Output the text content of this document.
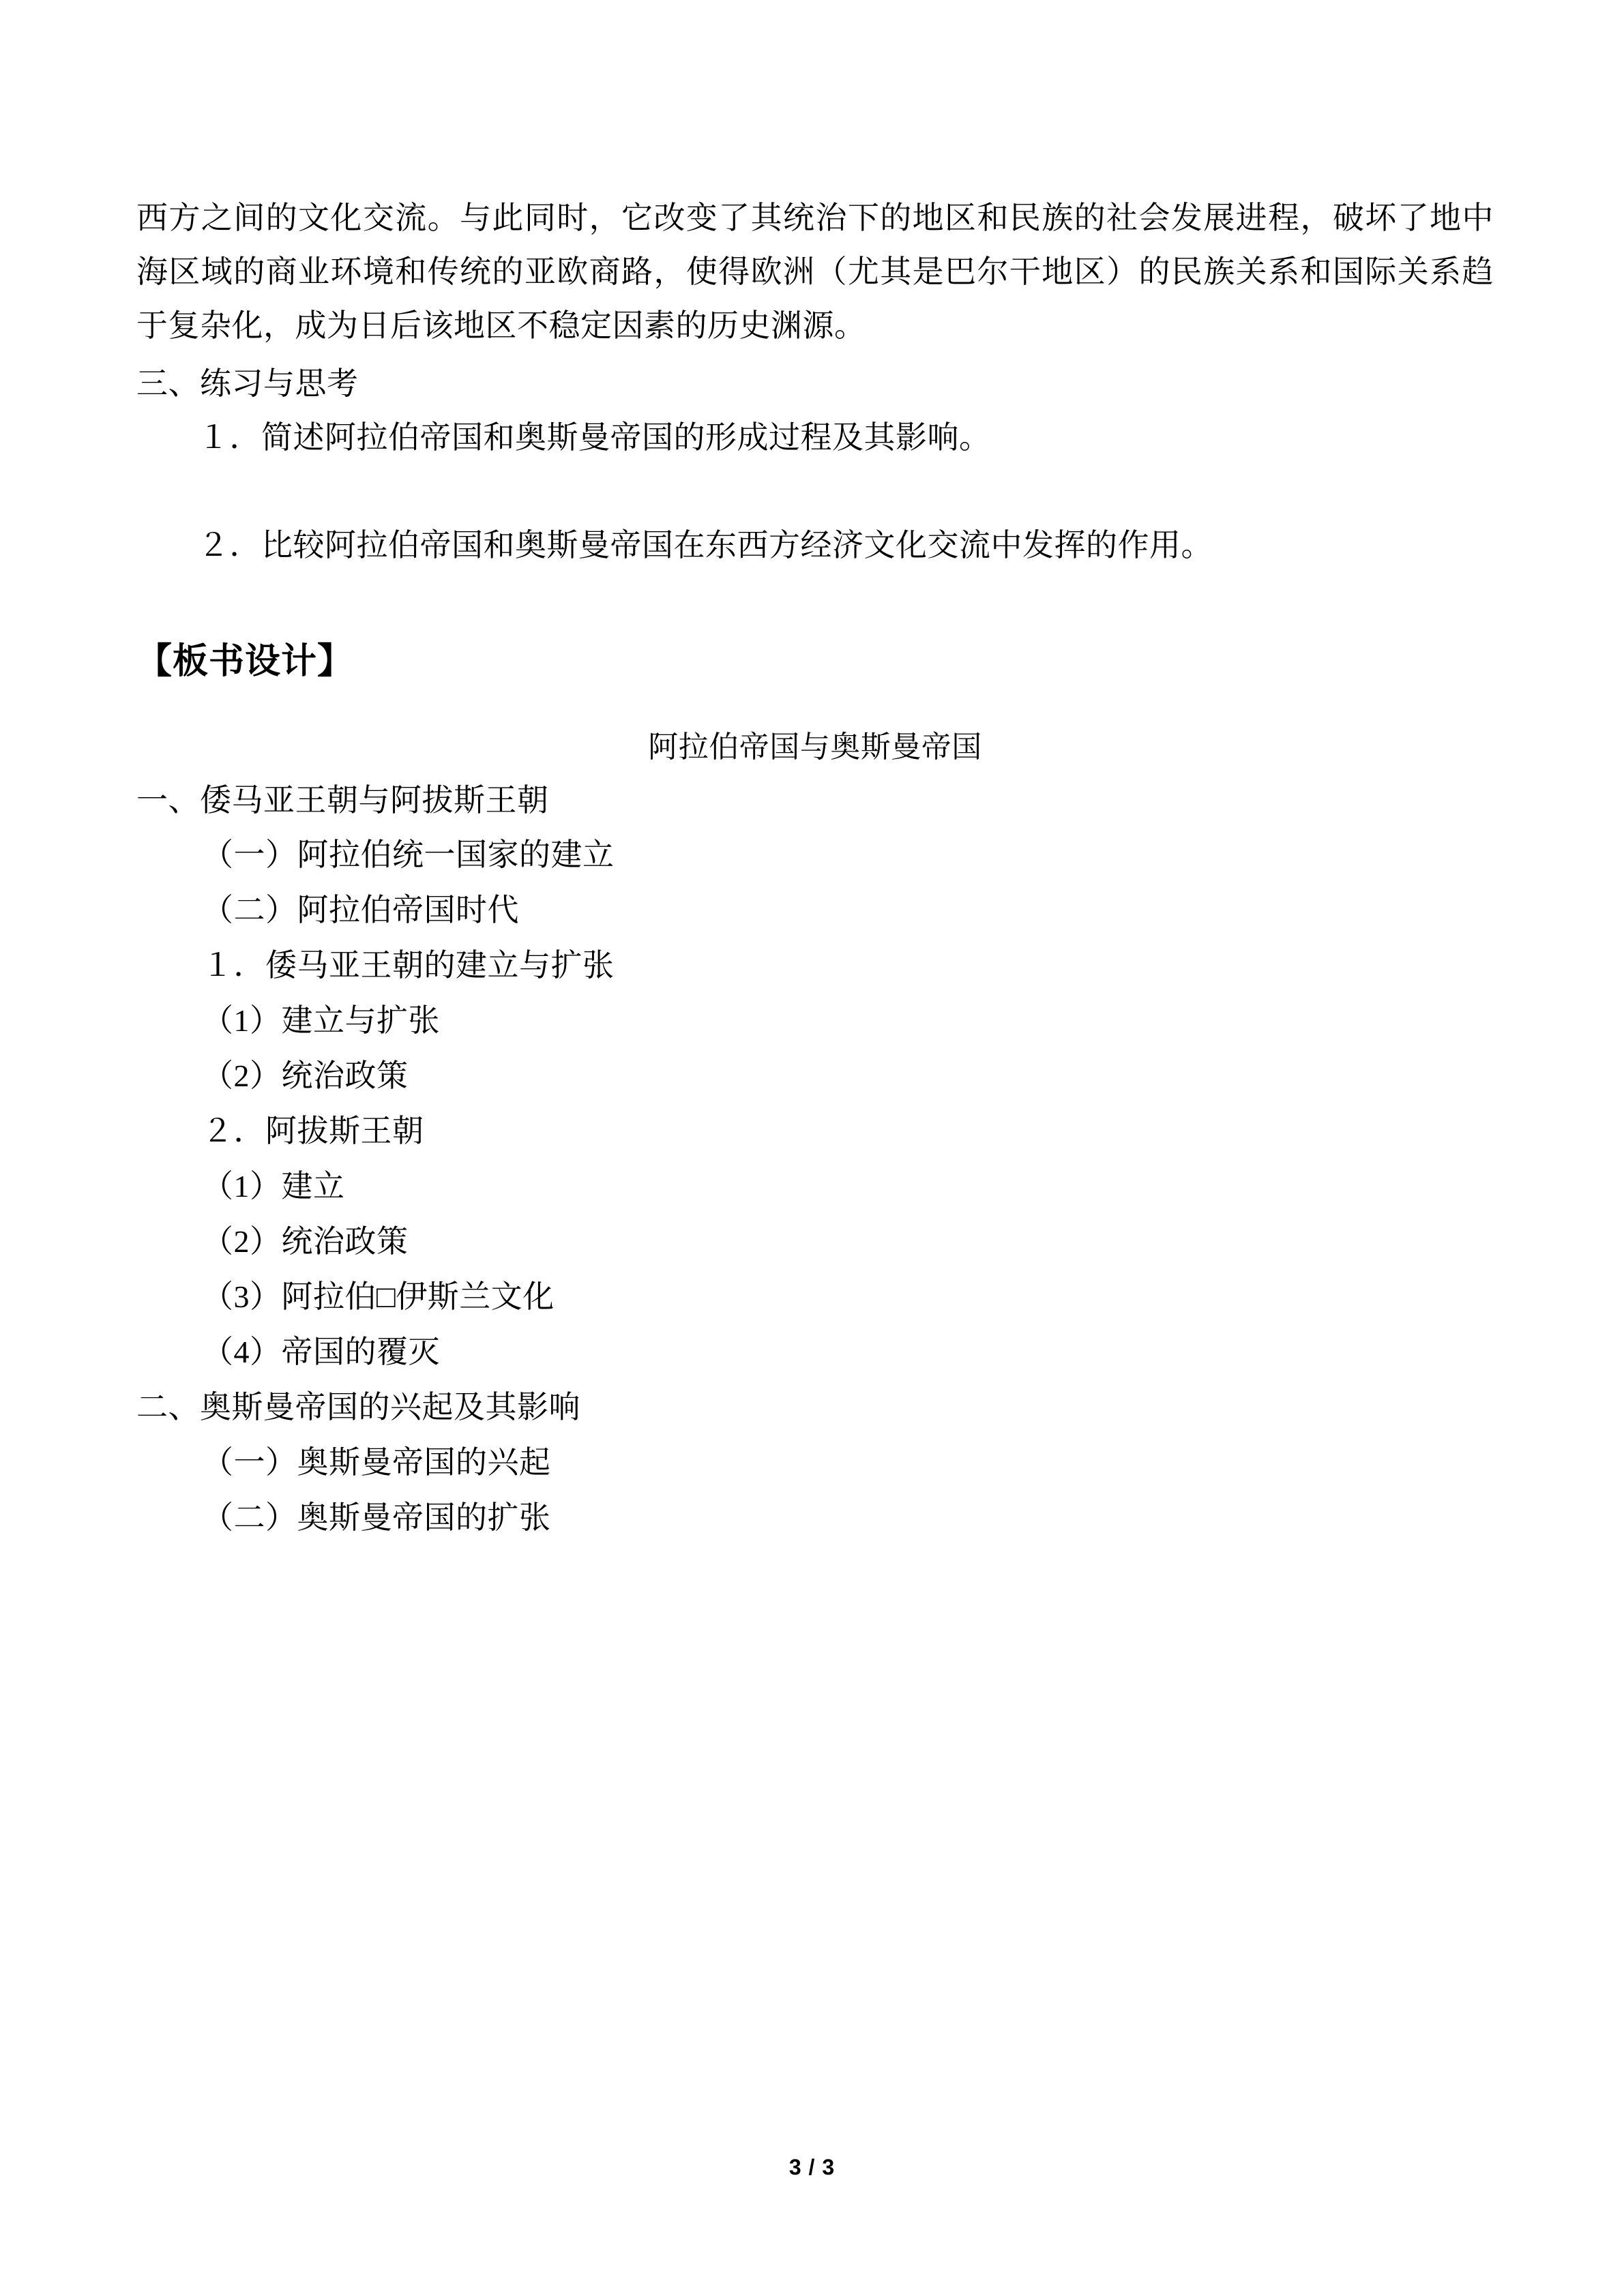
西方之间的文化交流。与此同时，它改变了其统治下的地区和民族的社会发展进程，破坏了地中海区域的商业环境和传统的亚欧商路，使得欧洲（尤其是巴尔干地区）的民族关系和国际关系趋于复杂化，成为日后该地区不稳定因素的历史渊源。

三、练习与思考

１．简述阿拉伯帝国和奥斯曼帝国的形成过程及其影响。

２．比较阿拉伯帝国和奥斯曼帝国在东西方经济文化交流中发挥的作用。

【板书设计】

阿拉伯帝国与奥斯曼帝国

一、倭马亚王朝与阿拔斯王朝

（一）阿拉伯统一国家的建立

（二）阿拉伯帝国时代

１．倭马亚王朝的建立与扩张

（1）建立与扩张

（2）统治政策

２．阿拔斯王朝

（1）建立

（2）统治政策

（3）阿拉伯□伊斯兰文化

（4）帝国的覆灭

二、奥斯曼帝国的兴起及其影响

（一）奥斯曼帝国的兴起

（二）奥斯曼帝国的扩张

3 / 3
